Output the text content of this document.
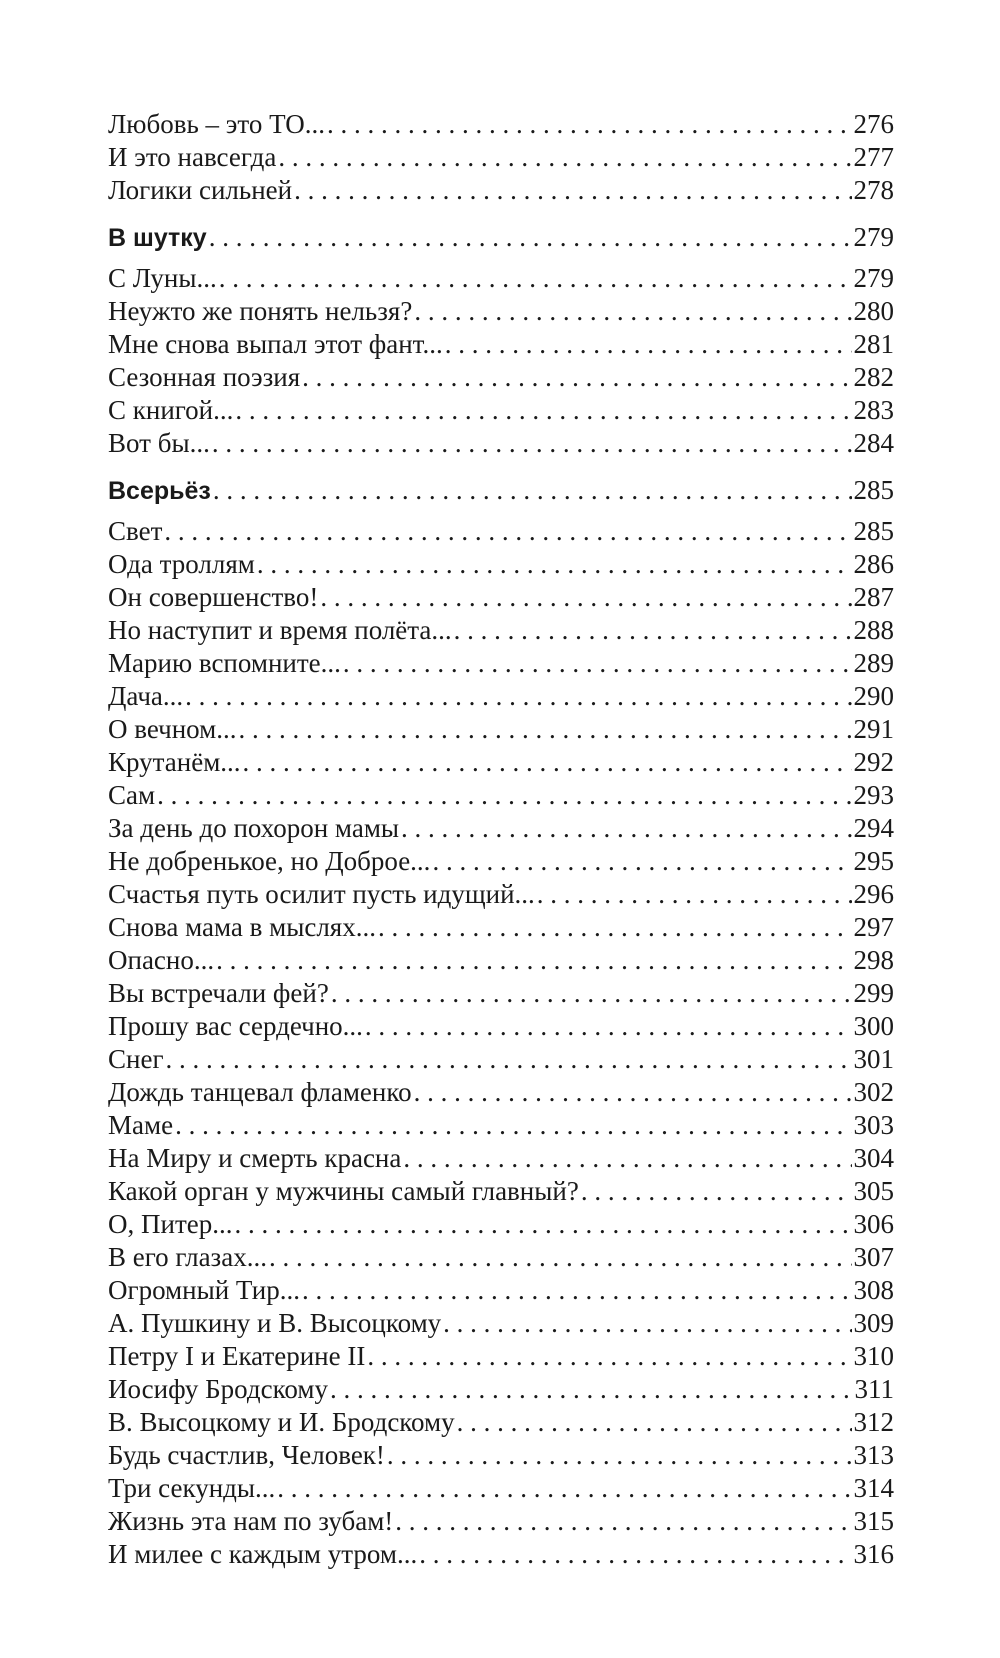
Любовь – это ТО... . . .	276
И это навсегда . . .	277
Логики сильней . . .	278
В шутку . . .	279
С Луны... . . .	279
Неужто же понять нельзя? . . .	280
Мне снова выпал этот фант... . . .	281
Сезонная поэзия . . .	282
С книгой... . . .	283
Вот бы... . . .	284
Всерьёз . . .	285
Свет . . .	285
Ода троллям . . .	286
Он совершенство! . . .	287
Но наступит и время полёта... . . .	288
Марию вспомните... . . .	289
Дача... . . .	290
О вечном... . . .	291
Крутанём... . . .	292
Сам . . .	293
За день до похорон мамы . . .	294
Не добренькое, но Доброе... . . .	295
Счастья путь осилит пусть идущий... . . .	296
Снова мама в мыслях... . . .	297
Опасно... . . .	298
Вы встречали фей? . . .	299
Прошу вас сердечно... . . .	300
Снег . . .	301
Дождь танцевал фламенко . . .	302
Маме . . .	303
На Миру и смерть красна . . .	304
Какой орган у мужчины самый главный? . . .	305
О, Питер... . . .	306
В его глазах... . . .	307
Огромный Тир... . . .	308
А. Пушкину и В. Высоцкому . . .	309
Петру I и Екатерине II . . .	310
Иосифу Бродскому . . .	311
В. Высоцкому и И. Бродскому . . .	312
Будь счастлив, Человек! . . .	313
Три секунды... . . .	314
Жизнь эта нам по зубам! . . .	315
И милее с каждым утром... . . .	316
